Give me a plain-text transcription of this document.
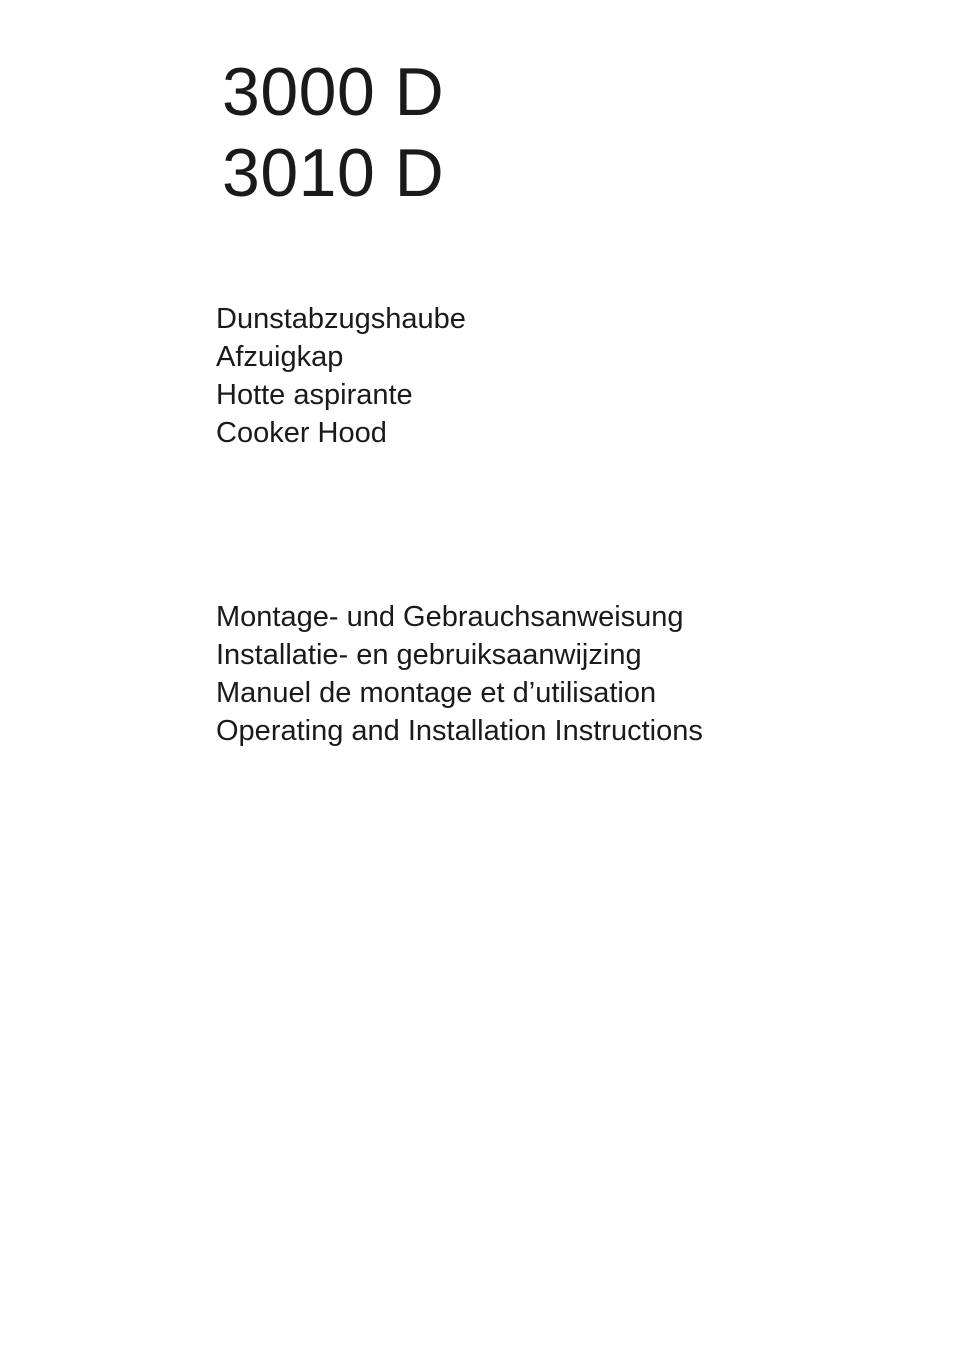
3000 D
3010 D
Dunstabzugshaube
Afzuigkap
Hotte aspirante
Cooker Hood
Montage- und Gebrauchsanweisung
Installatie- en gebruiksaanwijzing
Manuel de montage et d’utilisation
Operating and Installation Instructions
